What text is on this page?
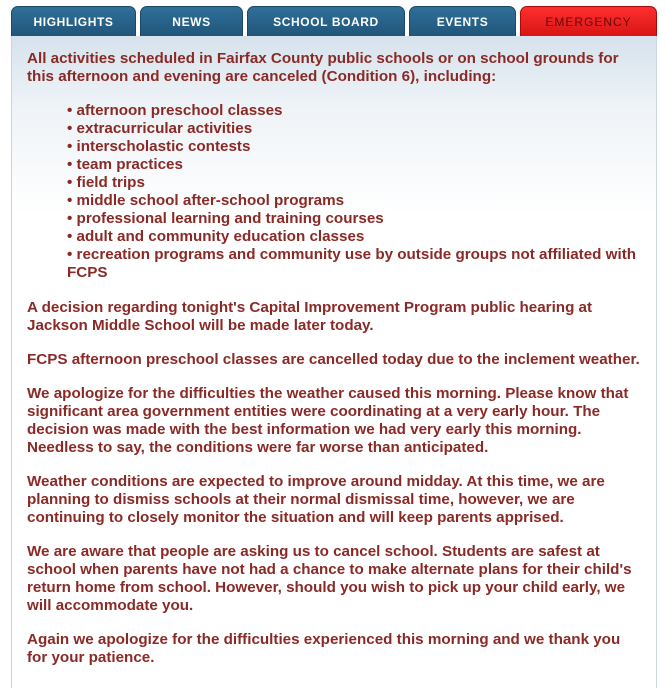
HIGHLIGHTS	NEWS	SCHOOL BOARD	EVENTS	EMERGENCY

All activities scheduled in Fairfax County public schools or on school grounds for this afternoon and evening are canceled (Condition 6), including:

• afternoon preschool classes
• extracurricular activities
• interscholastic contests
• team practices
• field trips
• middle school after-school programs
• professional learning and training courses
• adult and community education classes
• recreation programs and community use by outside groups not affiliated with FCPS

A decision regarding tonight's Capital Improvement Program public hearing at Jackson Middle School will be made later today.

FCPS afternoon preschool classes are cancelled today due to the inclement weather.

We apologize for the difficulties the weather caused this morning. Please know that significant area government entities were coordinating at a very early hour. The decision was made with the best information we had very early this morning. Needless to say, the conditions were far worse than anticipated.

Weather conditions are expected to improve around midday. At this time, we are planning to dismiss schools at their normal dismissal time, however, we are continuing to closely monitor the situation and will keep parents apprised.

We are aware that people are asking us to cancel school. Students are safest at school when parents have not had a chance to make alternate plans for their child's return home from school. However, should you wish to pick up your child early, we will accommodate you.

Again we apologize for the difficulties experienced this morning and we thank you for your patience.
